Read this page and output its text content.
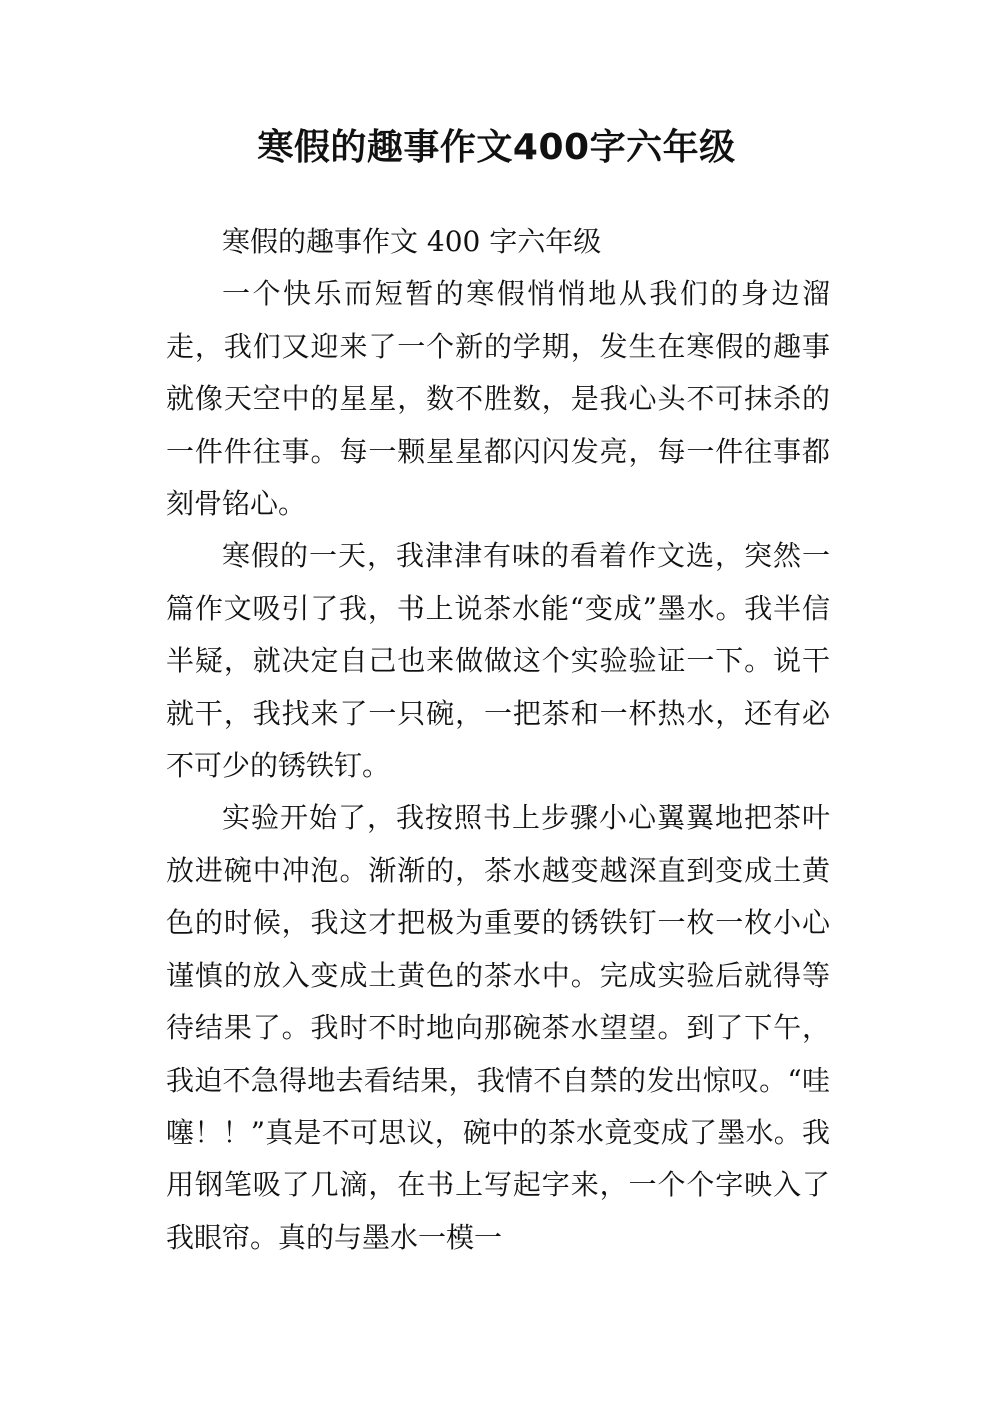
寒假的趣事作文400字六年级

寒假的趣事作文 400 字六年级

一个快乐而短暂的寒假悄悄地从我们的身边溜走，我们又迎来了一个新的学期，发生在寒假的趣事就像天空中的星星，数不胜数，是我心头不可抹杀的一件件往事。每一颗星星都闪闪发亮，每一件往事都刻骨铭心。

寒假的一天，我津津有味的看着作文选，突然一篇作文吸引了我，书上说茶水能“变成”墨水。我半信半疑，就决定自己也来做做这个实验验证一下。说干就干，我找来了一只碗，一把茶和一杯热水，还有必不可少的锈铁钉。

实验开始了，我按照书上步骤小心翼翼地把茶叶放进碗中冲泡。渐渐的，茶水越变越深直到变成土黄色的时候，我这才把极为重要的锈铁钉一枚一枚小心谨慎的放入变成土黄色的茶水中。完成实验后就得等待结果了。我时不时地向那碗茶水望望。到了下午，我迫不急得地去看结果，我情不自禁的发出惊叹。“哇噻！！”真是不可思议，碗中的茶水竟变成了墨水。我用钢笔吸了几滴，在书上写起字来，一个个字映入了我眼帘。真的与墨水一模一
